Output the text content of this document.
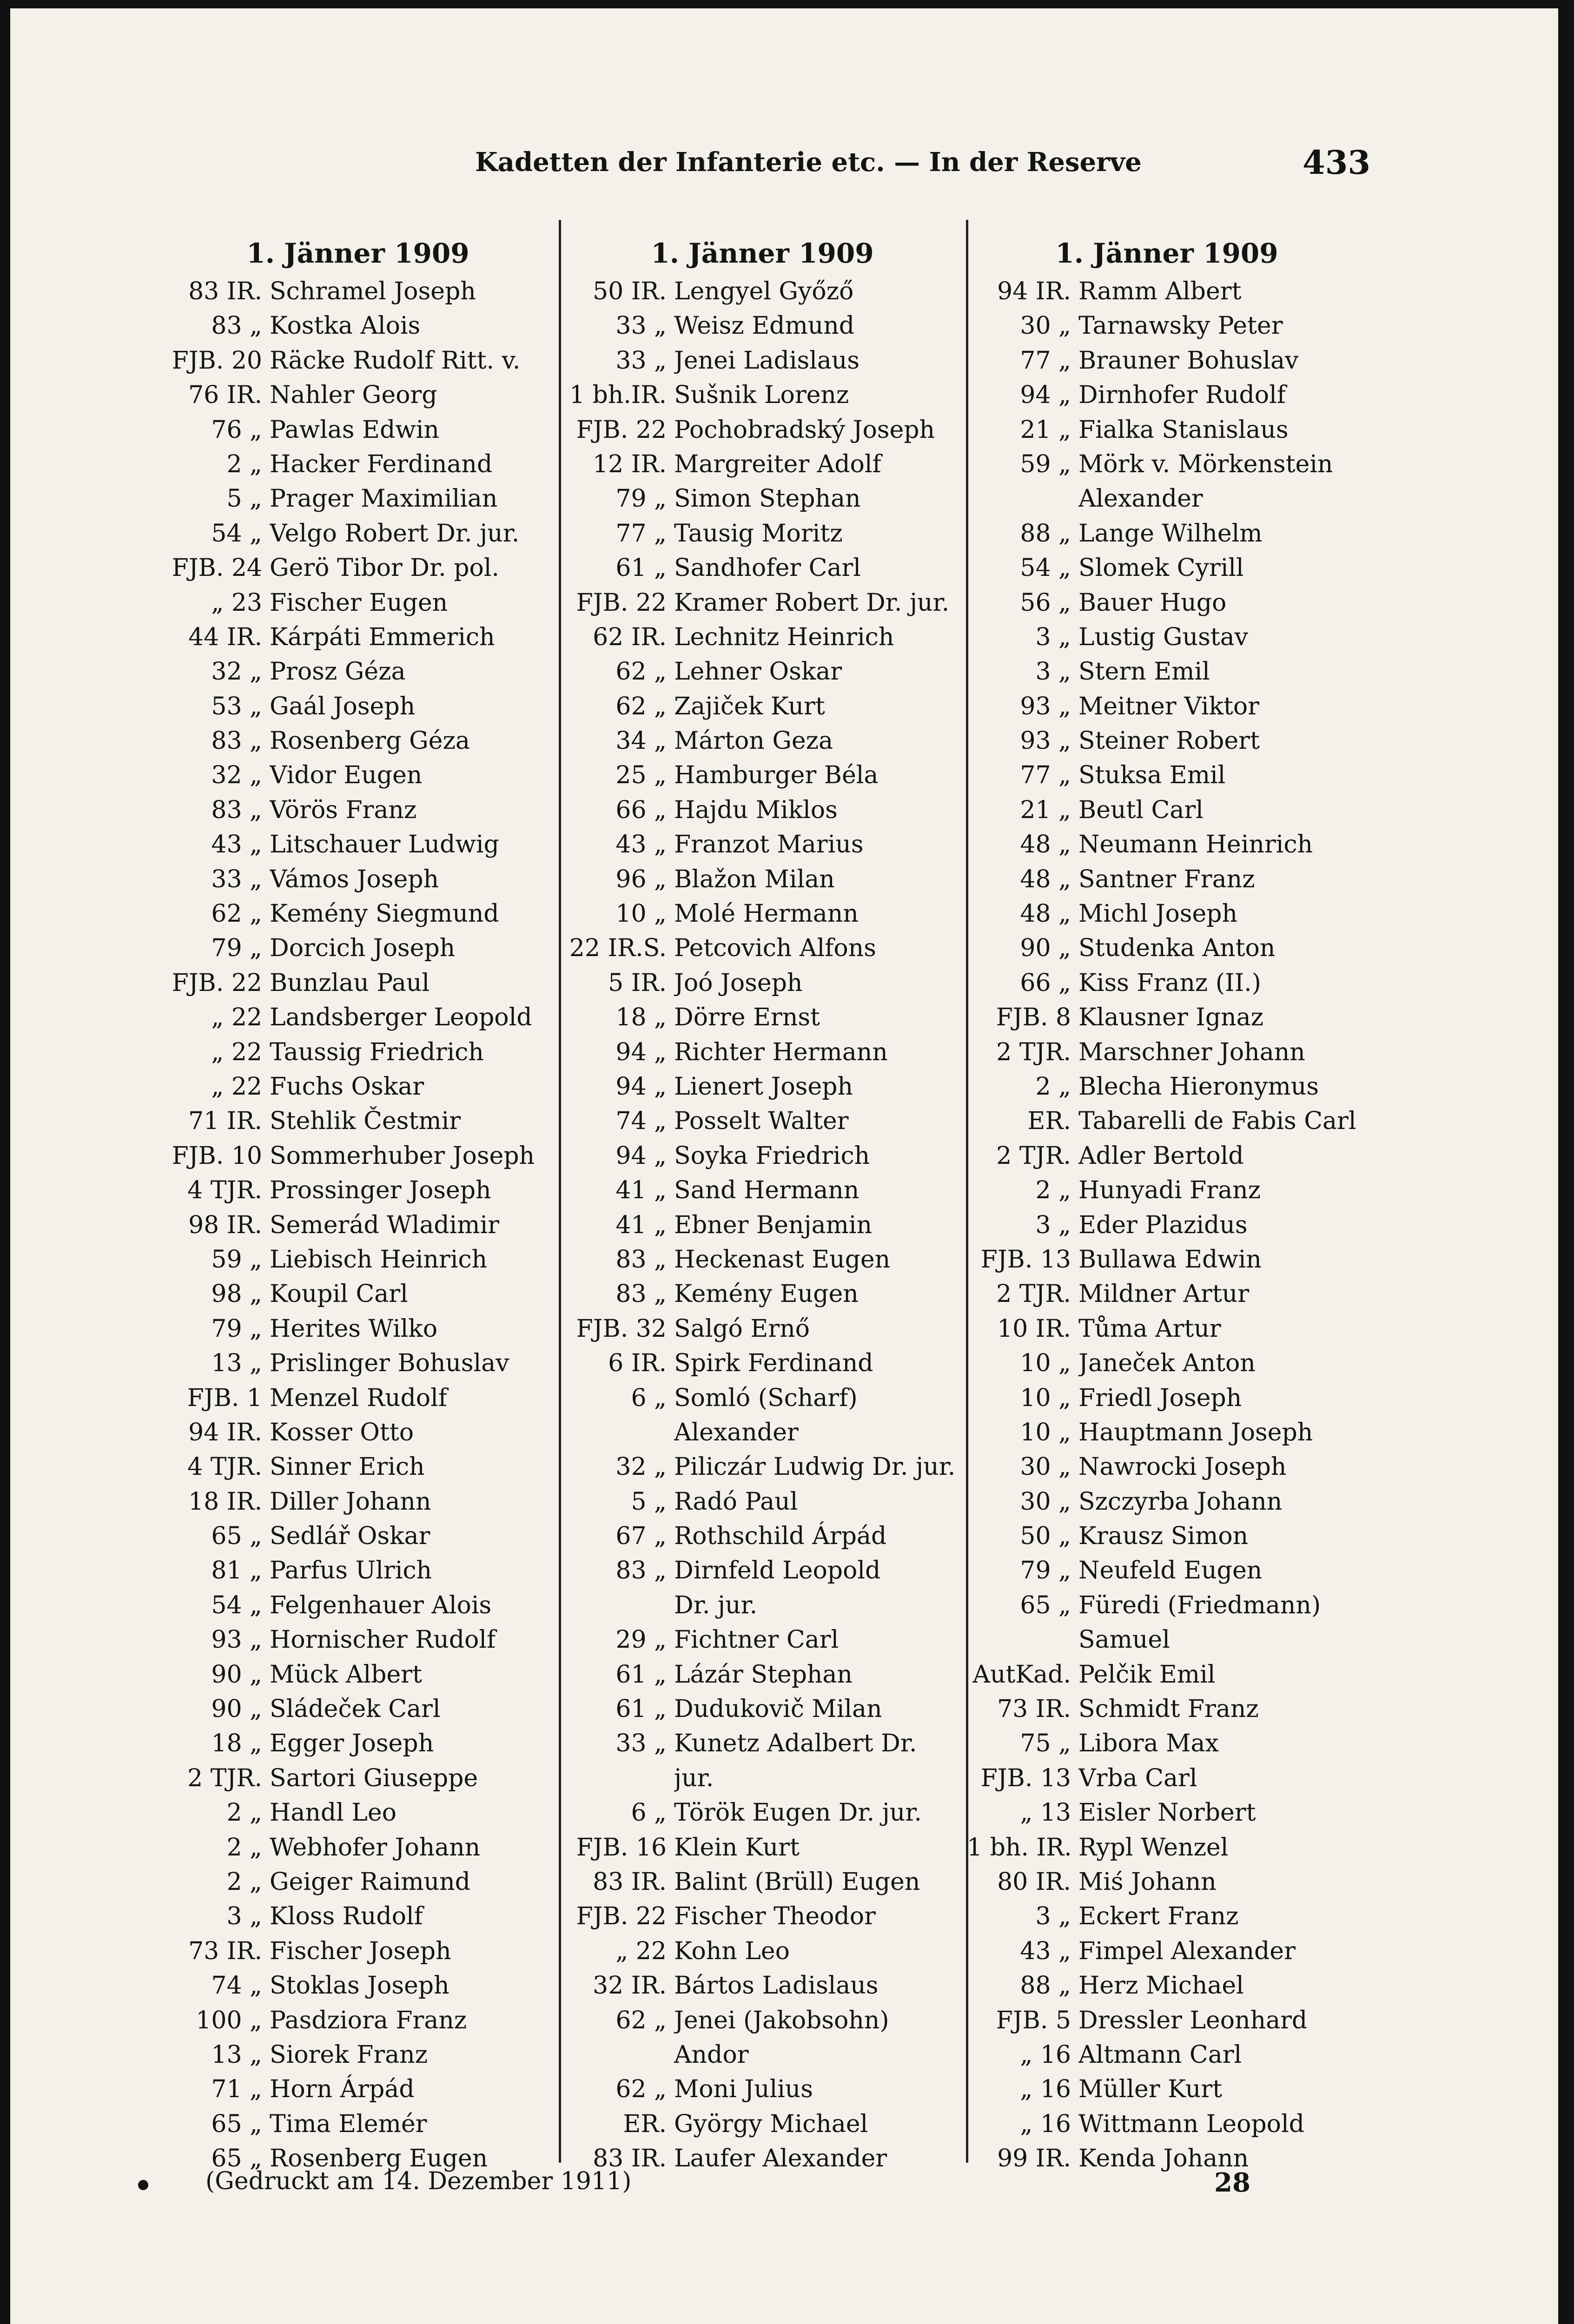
Kadetten der Infanterie etc. — In der Reserve	433
1. Jänner 1909
83 IR. Schramel Joseph
83 „ Kostka Alois
FJB. 20 Räcke Rudolf Ritt. v.
76 IR. Nahler Georg
76 „ Pawlas Edwin
2 „ Hacker Ferdinand
5 „ Prager Maximilian
54 „ Velgo Robert Dr. jur.
FJB. 24 Gerö Tibor Dr. pol.
„ 23 Fischer Eugen
44 IR. Kárpáti Emmerich
32 „ Prosz Géza
53 „ Gaál Joseph
83 „ Rosenberg Géza
32 „ Vidor Eugen
83 „ Vörös Franz
43 „ Litschauer Ludwig
33 „ Vámos Joseph
62 „ Kemény Siegmund
79 „ Dorcich Joseph
FJB. 22 Bunzlau Paul
„ 22 Landsberger Leopold
„ 22 Taussig Friedrich
„ 22 Fuchs Oskar
71 IR. Stehlik Čestmir
FJB. 10 Sommerhuber Joseph
4 TJR. Prossinger Joseph
98 IR. Semerád Wladimir
59 „ Liebisch Heinrich
98 „ Koupil Carl
79 „ Herites Wilko
13 „ Prislinger Bohuslav
FJB. 1 Menzel Rudolf
94 IR. Kosser Otto
4 TJR. Sinner Erich
18 IR. Diller Johann
65 „ Sedlář Oskar
81 „ Parfus Ulrich
54 „ Felgenhauer Alois
93 „ Hornischer Rudolf
90 „ Mück Albert
90 „ Sládeček Carl
18 „ Egger Joseph
2 TJR. Sartori Giuseppe
2 „ Handl Leo
2 „ Webhofer Johann
2 „ Geiger Raimund
3 „ Kloss Rudolf
73 IR. Fischer Joseph
74 „ Stoklas Joseph
100 „ Pasdziora Franz
13 „ Siorek Franz
71 „ Horn Árpád
65 „ Tima Elemér
65 „ Rosenberg Eugen
1. Jänner 1909
50 IR. Lengyel Győző
33 „ Weisz Edmund
33 „ Jenei Ladislaus
1 bh.IR. Sušnik Lorenz
FJB. 22 Pochobradský Joseph
12 IR. Margreiter Adolf
79 „ Simon Stephan
77 „ Tausig Moritz
61 „ Sandhofer Carl
FJB. 22 Kramer Robert Dr. jur.
62 IR. Lechnitz Heinrich
62 „ Lehner Oskar
62 „ Zajiček Kurt
34 „ Márton Geza
25 „ Hamburger Béla
66 „ Hajdu Miklos
43 „ Franzot Marius
96 „ Blažon Milan
10 „ Molé Hermann
22 IR.S. Petcovich Alfons
5 IR. Joó Joseph
18 „ Dörre Ernst
94 „ Richter Hermann
94 „ Lienert Joseph
74 „ Posselt Walter
94 „ Soyka Friedrich
41 „ Sand Hermann
41 „ Ebner Benjamin
83 „ Heckenast Eugen
83 „ Kemény Eugen
FJB. 32 Salgó Ernő
6 IR. Spirk Ferdinand
6 „ Somló (Scharf)
Alexander
32 „ Piliczár Ludwig Dr. jur.
5 „ Radó Paul
67 „ Rothschild Árpád
83 „ Dirnfeld Leopold
Dr. jur.
29 „ Fichtner Carl
61 „ Lázár Stephan
61 „ Dudukovič Milan
33 „ Kunetz Adalbert Dr.
jur.
6 „ Török Eugen Dr. jur.
FJB. 16 Klein Kurt
83 IR. Balint (Brüll) Eugen
FJB. 22 Fischer Theodor
„ 22 Kohn Leo
32 IR. Bártos Ladislaus
62 „ Jenei (Jakobsohn)
Andor
62 „ Moni Julius
ER. György Michael
83 IR. Laufer Alexander
1. Jänner 1909
94 IR. Ramm Albert
30 „ Tarnawsky Peter
77 „ Brauner Bohuslav
94 „ Dirnhofer Rudolf
21 „ Fialka Stanislaus
59 „ Mörk v. Mörkenstein
Alexander
88 „ Lange Wilhelm
54 „ Slomek Cyrill
56 „ Bauer Hugo
3 „ Lustig Gustav
3 „ Stern Emil
93 „ Meitner Viktor
93 „ Steiner Robert
77 „ Stuksa Emil
21 „ Beutl Carl
48 „ Neumann Heinrich
48 „ Santner Franz
48 „ Michl Joseph
90 „ Studenka Anton
66 „ Kiss Franz (II.)
FJB. 8 Klausner Ignaz
2 TJR. Marschner Johann
2 „ Blecha Hieronymus
ER. Tabarelli de Fabis Carl
2 TJR. Adler Bertold
2 „ Hunyadi Franz
3 „ Eder Plazidus
FJB. 13 Bullawa Edwin
2 TJR. Mildner Artur
10 IR. Tůma Artur
10 „ Janeček Anton
10 „ Friedl Joseph
10 „ Hauptmann Joseph
30 „ Nawrocki Joseph
30 „ Szczyrba Johann
50 „ Krausz Simon
79 „ Neufeld Eugen
65 „ Füredi (Friedmann)
Samuel
AutKad. Pelčik Emil
73 IR. Schmidt Franz
75 „ Libora Max
FJB. 13 Vrba Carl
„ 13 Eisler Norbert
1 bh. IR. Rypl Wenzel
80 IR. Miś Johann
3 „ Eckert Franz
43 „ Fimpel Alexander
88 „ Herz Michael
FJB. 5 Dressler Leonhard
„ 16 Altmann Carl
„ 16 Müller Kurt
„ 16 Wittmann Leopold
99 IR. Kenda Johann
(Gedruckt am 14. Dezember 1911)	28
